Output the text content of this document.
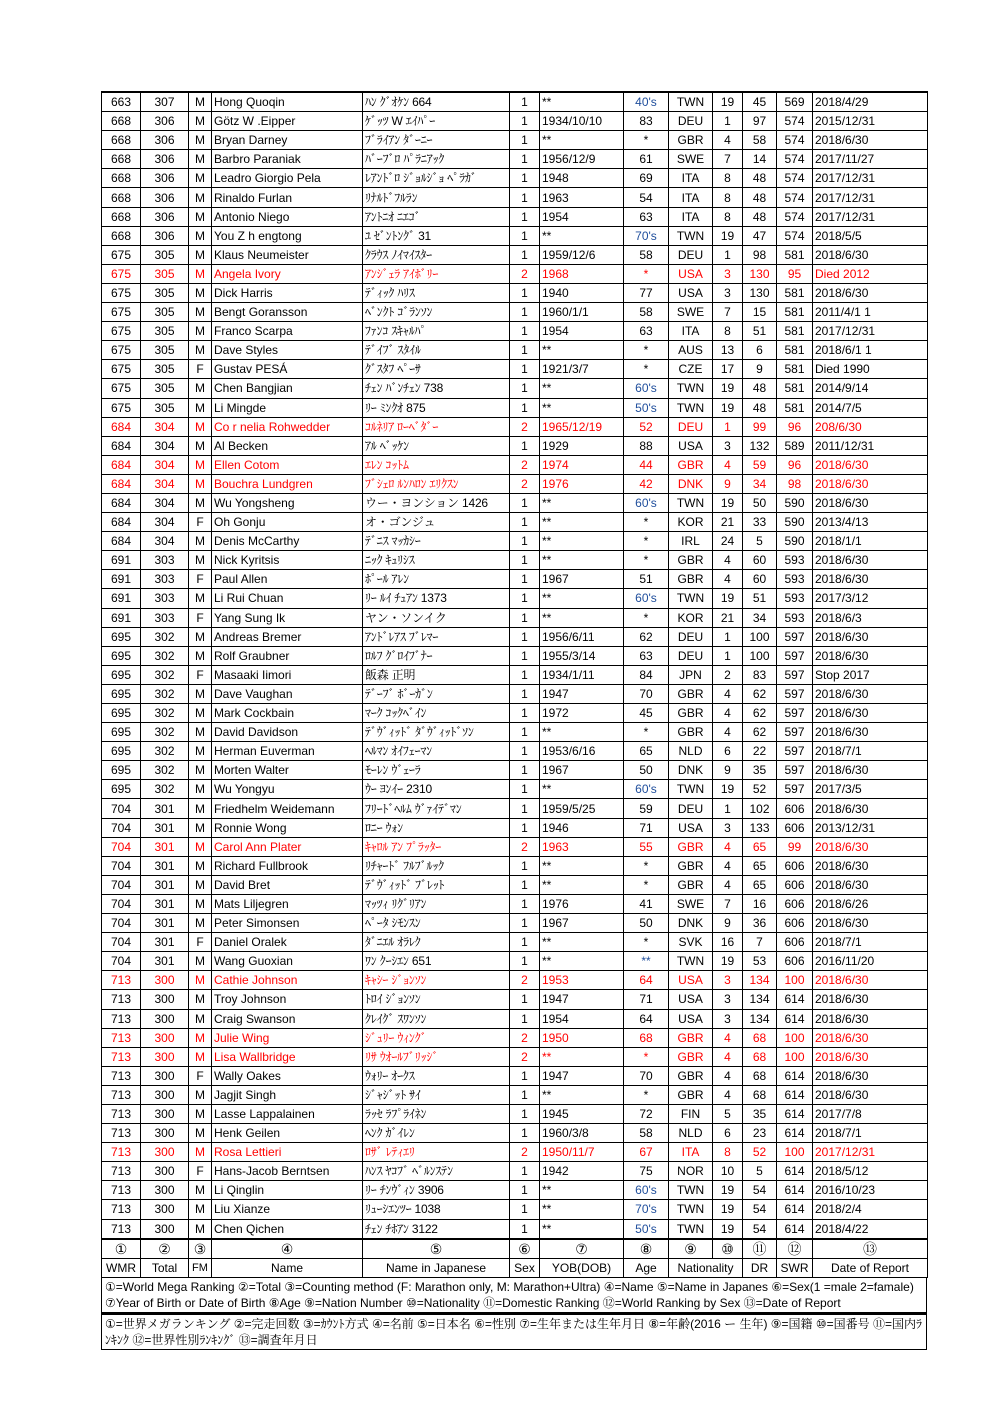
663	307	M	Hong Quoqin	ﾊﾝ ｸﾞｵｹﾝ 664	1	**	40's	TWN	19	45	569	2018/4/29
668	306	M	Götz W .Eipper	ｹﾞｯﾂ W ｴｲﾊﾟｰ	1	1934/10/10	83	DEU	1	97	574	2015/12/31
668	306	M	Bryan Darney	ﾌﾞﾗｲｱﾝ ﾀﾞｰﾆｰ	1	**	*	GBR	4	58	574	2018/6/30
668	306	M	Barbro Paraniak	ﾊﾞｰﾌﾞﾛ ﾊﾟﾗﾆｱｯｸ	1	1956/12/9	61	SWE	7	14	574	2017/11/27
668	306	M	Leadro Giorgio Pela	ﾚｱﾝﾄﾞﾛ ｼﾞｮﾙｼﾞｮ ﾍﾟﾗｶﾞ	1	1948	69	ITA	8	48	574	2017/12/31
668	306	M	Rinaldo Furlan	ﾘﾅﾙﾄﾞﾌﾙﾗﾝ	1	1963	54	ITA	8	48	574	2017/12/31
668	306	M	Antonio Niego	ｱﾝﾄﾆｵ ﾆｴｺﾞ	1	1954	63	ITA	8	48	574	2017/12/31
668	306	M	You Z h engtong	ﾕ ｾﾞﾝﾄﾝｸﾞ 31	1	**	70's	TWN	19	47	574	2018/5/5
675	305	M	Klaus Neumeister	ｸﾗｳｽ ﾉｲﾏｲｽﾀｰ	1	1959/12/6	58	DEU	1	98	581	2018/6/30
675	305	M	Angela Ivory	ｱﾝｼﾞｪﾗ ｱｲﾎﾞﾘｰ	2	1968	*	USA	3	130	95	Died 2012
675	305	M	Dick Harris	ﾃﾞｨｯｸ ﾊﾘｽ	1	1940	77	USA	3	130	581	2018/6/30
675	305	M	Bengt Goransson	ﾍﾞﾝｸﾄ ｺﾞﾗﾝｿﾝ	1	1960/1/1	58	SWE	7	15	581	2011/4/1 1
675	305	M	Franco Scarpa	ﾌｧﾝｺ ｽｷｬﾙﾊﾟ	1	1954	63	ITA	8	51	581	2017/12/31
675	305	M	Dave Styles	ﾃﾞｲﾌﾞ ｽﾀｲﾙ	1	**	*	AUS	13	6	581	2018/6/1 1
675	305	F	Gustav PESÁ	ｸﾞｽﾀﾌ ﾍﾟｰｻ	1	1921/3/7	*	CZE	17	9	581	Died 1990
675	305	M	Chen Bangjian	ﾁｪﾝ ﾊﾞﾝﾁｪﾝ 738	1	**	60's	TWN	19	48	581	2014/9/14
675	305	M	Li Mingde	ﾘｰ ﾐﾝｸｵ 875	1	**	50's	TWN	19	48	581	2014/7/5
684	304	M	Co r nelia Rohwedder	ｺﾙﾈﾘｱ ﾛｰﾍﾞﾀﾞｰ	2	1965/12/19	52	DEU	1	99	96	208/6/30
684	304	M	Al Becken	ｱﾙ ﾍﾞｯｹﾝ	1	1929	88	USA	3	132	589	2011/12/31
684	304	M	Ellen Cotom	ｴﾚﾝ ｺｯﾄﾑ	2	1974	44	GBR	4	59	96	2018/6/30
684	304	M	Bouchra Lundgren	ﾌﾞｼｪﾛ ﾙﾝﾊﾛﾝ ｴﾘｸｽﾝ	2	1976	42	DNK	9	34	98	2018/6/30
684	304	M	Wu Yongsheng	ウー・ヨンション 1426	1	**	60's	TWN	19	50	590	2018/6/30
684	304	F	Oh Gonju	オ・ゴンジュ	1	**	*	KOR	21	33	590	2013/4/13
684	304	M	Denis McCarthy	ﾃﾞﾆｽ ﾏｯｶｼｰ	1	**	*	IRL	24	5	590	2018/1/1
691	303	M	Nick Kyritsis	ﾆｯｸ ｷｭﾘｼｽ	1	**	*	GBR	4	60	593	2018/6/30
691	303	F	Paul Allen	ﾎﾟｰﾙ ｱﾚﾝ	1	1967	51	GBR	4	60	593	2018/6/30
691	303	M	Li Rui Chuan	ﾘｰ ﾙｲ ﾁｭｱﾝ 1373	1	**	60's	TWN	19	51	593	2017/3/12
691	303	F	Yang Sung Ik	ヤン・ソンイク	1	**	*	KOR	21	34	593	2018/6/3
695	302	M	Andreas Bremer	ｱﾝﾄﾞﾚｱｽ ﾌﾞﾚﾏｰ	1	1956/6/11	62	DEU	1	100	597	2018/6/30
695	302	M	Rolf Graubner	ﾛﾙﾌ ｸﾞﾛｲﾌﾞﾅｰ	1	1955/3/14	63	DEU	1	100	597	2018/6/30
695	302	F	Masaaki Iimori	飯森 正明	1	1934/1/11	84	JPN	2	83	597	Stop 2017
695	302	M	Dave Vaughan	ﾃﾞｰﾌﾞ ﾎﾞｰｶﾞﾝ	1	1947	70	GBR	4	62	597	2018/6/30
695	302	M	Mark Cockbain	ﾏｰｸ ｺｯｸﾍﾞｲﾝ	1	1972	45	GBR	4	62	597	2018/6/30
695	302	M	David Davidson	ﾃﾞｳﾞｨｯﾄﾞ ﾀﾞｳﾞｨｯﾄﾞｿﾝ	1	**	*	GBR	4	62	597	2018/6/30
695	302	M	Herman Euverman	ﾍﾙﾏﾝ ｵｲﾌｪｰﾏﾝ	1	1953/6/16	65	NLD	6	22	597	2018/7/1
695	302	M	Morten Walter	ﾓｰﾚﾝ ｳﾞｪｰﾗ	1	1967	50	DNK	9	35	597	2018/6/30
695	302	M	Wu Yongyu	ｳｰ ﾖﾝｲｰ 2310	1	**	60's	TWN	19	52	597	2017/3/5
704	301	M	Friedhelm Weidemann	ﾌﾘｰﾄﾞﾍﾙﾑ ｳﾞｧｲﾃﾞﾏﾝ	1	1959/5/25	59	DEU	1	102	606	2018/6/30
704	301	M	Ronnie Wong	ﾛﾆｰ ｳｫﾝ	1	1946	71	USA	3	133	606	2013/12/31
704	301	M	Carol Ann Plater	ｷｬﾛﾙ ｱﾝ ﾌﾟﾗｯﾀｰ	2	1963	55	GBR	4	65	99	2018/6/30
704	301	M	Richard Fullbrook	ﾘﾁｬｰﾄﾞ ﾌﾙﾌﾞﾙｯｸ	1	**	*	GBR	4	65	606	2018/6/30
704	301	M	David Bret	ﾃﾞｳﾞｨｯﾄﾞ ﾌﾞﾚｯﾄ	1	**	*	GBR	4	65	606	2018/6/30
704	301	M	Mats Liljegren	ﾏｯﾂｨ ﾘｸﾞﾘｱﾝ	1	1976	41	SWE	7	16	606	2018/6/26
704	301	M	Peter Simonsen	ﾍﾟｰﾀ ｼﾓﾝｽﾝ	1	1967	50	DNK	9	36	606	2018/6/30
704	301	F	Daniel Oralek	ﾀﾞﾆｴﾙ ｵﾗﾚｸ	1	**	*	SVK	16	7	606	2018/7/1
704	301	M	Wang Guoxian	ﾜﾝ ｸｰｼｴﾝ 651	1	**	**	TWN	19	53	606	2016/11/20
713	300	M	Cathie Johnson	ｷｬｼｰ ｼﾞｮﾝｿﾝ	2	1953	64	USA	3	134	100	2018/6/30
713	300	M	Troy Johnson	ﾄﾛｲ ｼﾞｮﾝｿﾝ	1	1947	71	USA	3	134	614	2018/6/30
713	300	M	Craig Swanson	ｸﾚｲｸﾞ ｽﾜﾝｿﾝ	1	1954	64	USA	3	134	614	2018/6/30
713	300	M	Julie Wing	ｼﾞｭﾘｰ ｳｨﾝｸﾞ	2	1950	68	GBR	4	68	100	2018/6/30
713	300	M	Lisa Wallbridge	ﾘｻ ｳｵｰﾙﾌﾞﾘｯｼﾞ	2	**	*	GBR	4	68	100	2018/6/30
713	300	F	Wally Oakes	ｳｫﾘｰ ｵｰｸｽ	1	1947	70	GBR	4	68	614	2018/6/30
713	300	M	Jagjit Singh	ｼﾞｬｼﾞｯﾄ ｻｲ	1	**	*	GBR	4	68	614	2018/6/30
713	300	M	Lasse Lappalainen	ﾗｯｾ ﾗﾌﾟﾗｲﾈﾝ	1	1945	72	FIN	5	35	614	2017/7/8
713	300	M	Henk Geilen	ﾍﾝｸ ｶﾞｲﾚﾝ	1	1960/3/8	58	NLD	6	23	614	2018/7/1
713	300	M	Rosa Lettieri	ﾛｻﾞ ﾚﾃｨｴﾘ	2	1950/11/7	67	ITA	8	52	100	2017/12/31
713	300	F	Hans-Jacob Berntsen	ﾊﾝｽ ﾔｺﾌﾞ ﾍﾞﾙﾝｽﾃﾝ	1	1942	75	NOR	10	5	614	2018/5/12
713	300	M	Li Qinglin	ﾘｰ ﾁﾝｳﾞｨﾝ 3906	1	**	60's	TWN	19	54	614	2016/10/23
713	300	M	Liu Xianze	ﾘｭｰｼｴﾝﾂｰ 1038	1	**	70's	TWN	19	54	614	2018/2/4
713	300	M	Chen Qichen	ﾁｪﾝ ﾁﾎｱﾝ 3122	1	**	50's	TWN	19	54	614	2018/4/22
①	②	③	④	⑤	⑥	⑦	⑧	⑨	⑩	⑪	⑫	⑬
WMR	Total	FM	Name	Name in Japanese	Sex	YOB(DOB)	Age	Nationality		DR	SWR	Date of Report
①=World Mega Ranking ②=Total ③=Counting method (F: Marathon only, M: Marathon+Ultra) ④=Name ⑤=Name in Japanes ⑥=Sex(1 =male 2=famale) ⑦Year of Birth or Date of Birth ⑧Age ⑨=Nation Number ⑩=Nationality ⑪=Domestic Ranking ⑫=World Ranking by Sex ⑬=Date of Report
①=世界メガランキング ②=完走回数 ③=ｶｳﾝﾄ方式 ④=名前 ⑤=日本名 ⑥=性別 ⑦=生年または生年月日 ⑧=年齢(2016 ー 生年) ⑨=国籍 ⑩=国番号 ⑪=国内ﾗﾝｷﾝｸ ⑫=世界性別ﾗﾝｷﾝｸﾞ ⑬=調査年月日
